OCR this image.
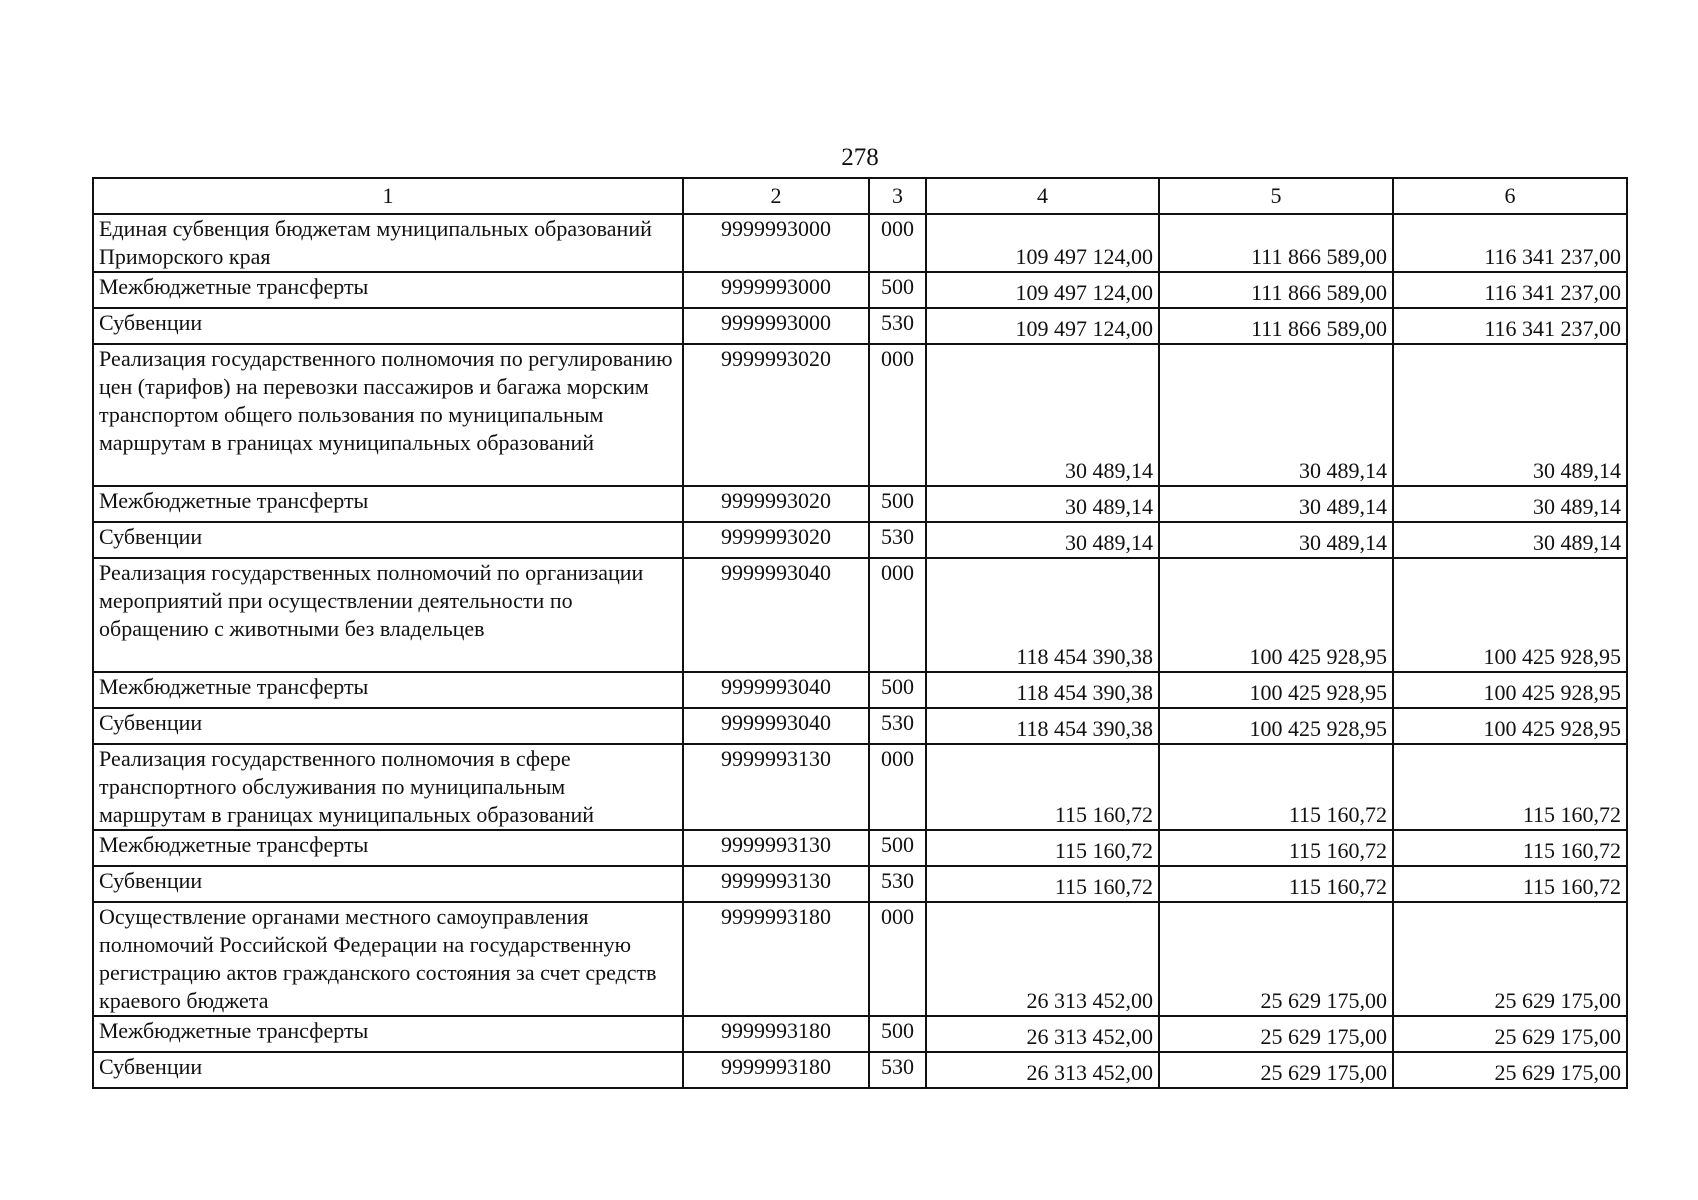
278
1	2	3	4	5	6
Единая субвенция бюджетам муниципальных образований Приморского края	9999993000	000	109 497 124,00	111 866 589,00	116 341 237,00
Межбюджетные трансферты	9999993000	500	109 497 124,00	111 866 589,00	116 341 237,00
Субвенции	9999993000	530	109 497 124,00	111 866 589,00	116 341 237,00
Реализация государственного полномочия по регулированию цен (тарифов) на перевозки пассажиров и багажа морским транспортом общего пользования по муниципальным маршрутам в границах муниципальных образований	9999993020	000	30 489,14	30 489,14	30 489,14
Межбюджетные трансферты	9999993020	500	30 489,14	30 489,14	30 489,14
Субвенции	9999993020	530	30 489,14	30 489,14	30 489,14
Реализация государственных полномочий по организации мероприятий при осуществлении деятельности по обращению с животными без владельцев	9999993040	000	118 454 390,38	100 425 928,95	100 425 928,95
Межбюджетные трансферты	9999993040	500	118 454 390,38	100 425 928,95	100 425 928,95
Субвенции	9999993040	530	118 454 390,38	100 425 928,95	100 425 928,95
Реализация государственного полномочия в сфере транспортного обслуживания по муниципальным маршрутам в границах муниципальных образований	9999993130	000	115 160,72	115 160,72	115 160,72
Межбюджетные трансферты	9999993130	500	115 160,72	115 160,72	115 160,72
Субвенции	9999993130	530	115 160,72	115 160,72	115 160,72
Осуществление органами местного самоуправления полномочий Российской Федерации на государственную регистрацию актов гражданского состояния за счет средств краевого бюджета	9999993180	000	26 313 452,00	25 629 175,00	25 629 175,00
Межбюджетные трансферты	9999993180	500	26 313 452,00	25 629 175,00	25 629 175,00
Субвенции	9999993180	530	26 313 452,00	25 629 175,00	25 629 175,00
